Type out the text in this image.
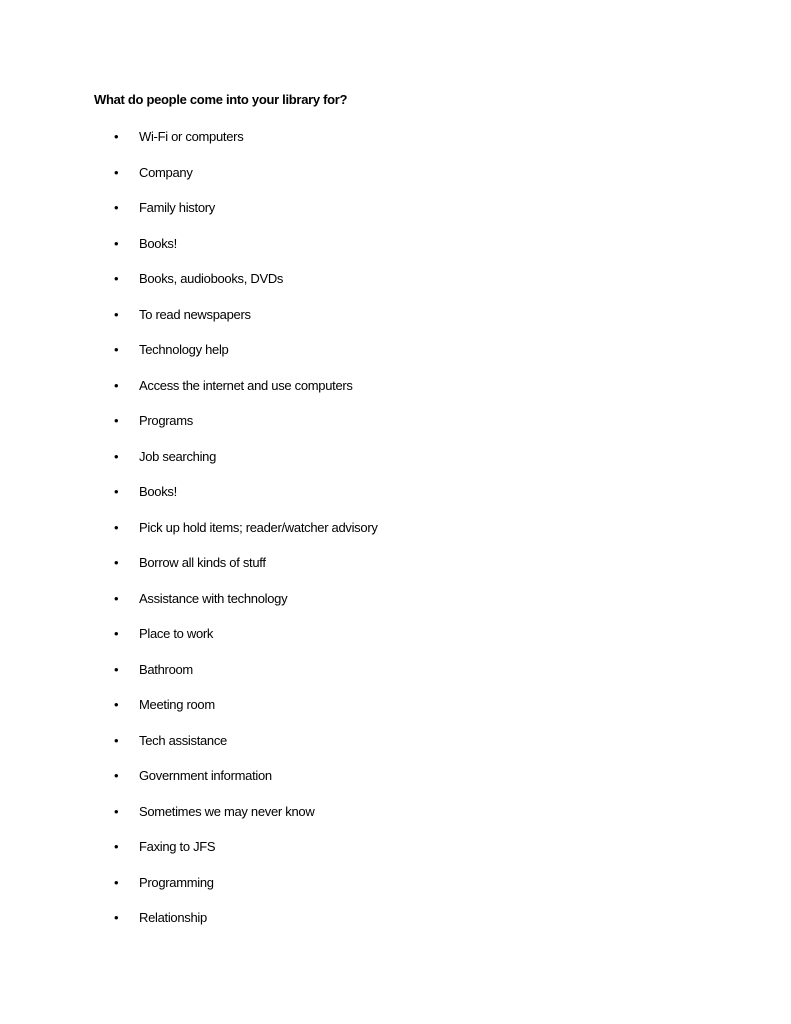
What do people come into your library for?

• Wi-Fi or computers
• Company
• Family history
• Books!
• Books, audiobooks, DVDs
• To read newspapers
• Technology help
• Access the internet and use computers
• Programs
• Job searching
• Books!
• Pick up hold items; reader/watcher advisory
• Borrow all kinds of stuff
• Assistance with technology
• Place to work
• Bathroom
• Meeting room
• Tech assistance
• Government information
• Sometimes we may never know
• Faxing to JFS
• Programming
• Relationship
